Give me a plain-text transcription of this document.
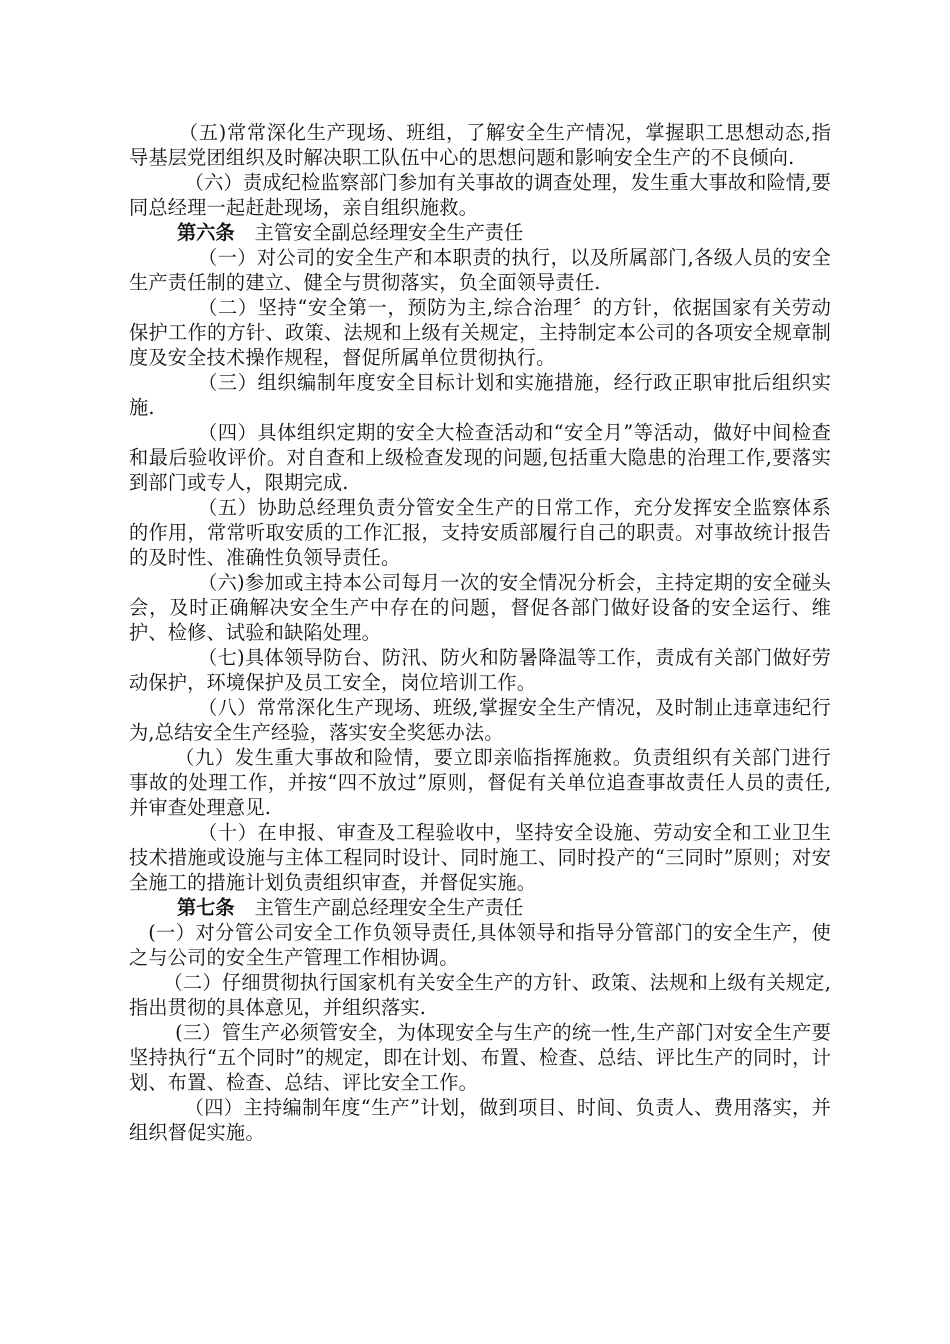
（五)常常深化生产现场、班组，了解安全生产情况，掌握职工思想动态,指导基层党团组织及时解决职工队伍中心的思想问题和影响安全生产的不良倾向.

（六）责成纪检监察部门参加有关事故的调查处理，发生重大事故和险情,要同总经理一起赶赴现场，亲自组织施救。

第六条 主管安全副总经理安全生产责任

（一）对公司的安全生产和本职责的执行，以及所属部门,各级人员的安全生产责任制的建立、健全与贯彻落实，负全面领导责任.

（二）坚持“安全第一，预防为主,综合治理〞的方针，依据国家有关劳动保护工作的方针、政策、法规和上级有关规定，主持制定本公司的各项安全规章制度及安全技术操作规程，督促所属单位贯彻执行。

（三）组织编制年度安全目标计划和实施措施，经行政正职审批后组织实施.

（四）具体组织定期的安全大检查活动和“安全月”等活动，做好中间检查和最后验收评价。对自查和上级检查发现的问题,包括重大隐患的治理工作,要落实到部门或专人，限期完成.

（五）协助总经理负责分管安全生产的日常工作，充分发挥安全监察体系的作用，常常听取安质的工作汇报，支持安质部履行自己的职责。对事故统计报告的及时性、准确性负领导责任。

（六)参加或主持本公司每月一次的安全情况分析会，主持定期的安全碰头会，及时正确解决安全生产中存在的问题，督促各部门做好设备的安全运行、维护、检修、试验和缺陷处理。

（七)具体领导防台、防汛、防火和防暑降温等工作，责成有关部门做好劳动保护，环境保护及员工安全，岗位培训工作。

（八）常常深化生产现场、班级,掌握安全生产情况，及时制止违章违纪行为,总结安全生产经验，落实安全奖惩办法。

（九）发生重大事故和险情，要立即亲临指挥施救。负责组织有关部门进行事故的处理工作，并按“四不放过”原则，督促有关单位追查事故责任人员的责任,并审查处理意见.

（十）在申报、审查及工程验收中，坚持安全设施、劳动安全和工业卫生技术措施或设施与主体工程同时设计、同时施工、同时投产的“三同时”原则；对安全施工的措施计划负责组织审查，并督促实施。

第七条 主管生产副总经理安全生产责任

(一）对分管公司安全工作负领导责任,具体领导和指导分管部门的安全生产，使之与公司的安全生产管理工作相协调。

（二）仔细贯彻执行国家机有关安全生产的方针、政策、法规和上级有关规定,指出贯彻的具体意见，并组织落实.

(三）管生产必须管安全，为体现安全与生产的统一性,生产部门对安全生产要坚持执行“五个同时”的规定，即在计划、布置、检查、总结、评比生产的同时，计划、布置、检查、总结、评比安全工作。

（四）主持编制年度“生产”计划，做到项目、时间、负责人、费用落实，并组织督促实施。
